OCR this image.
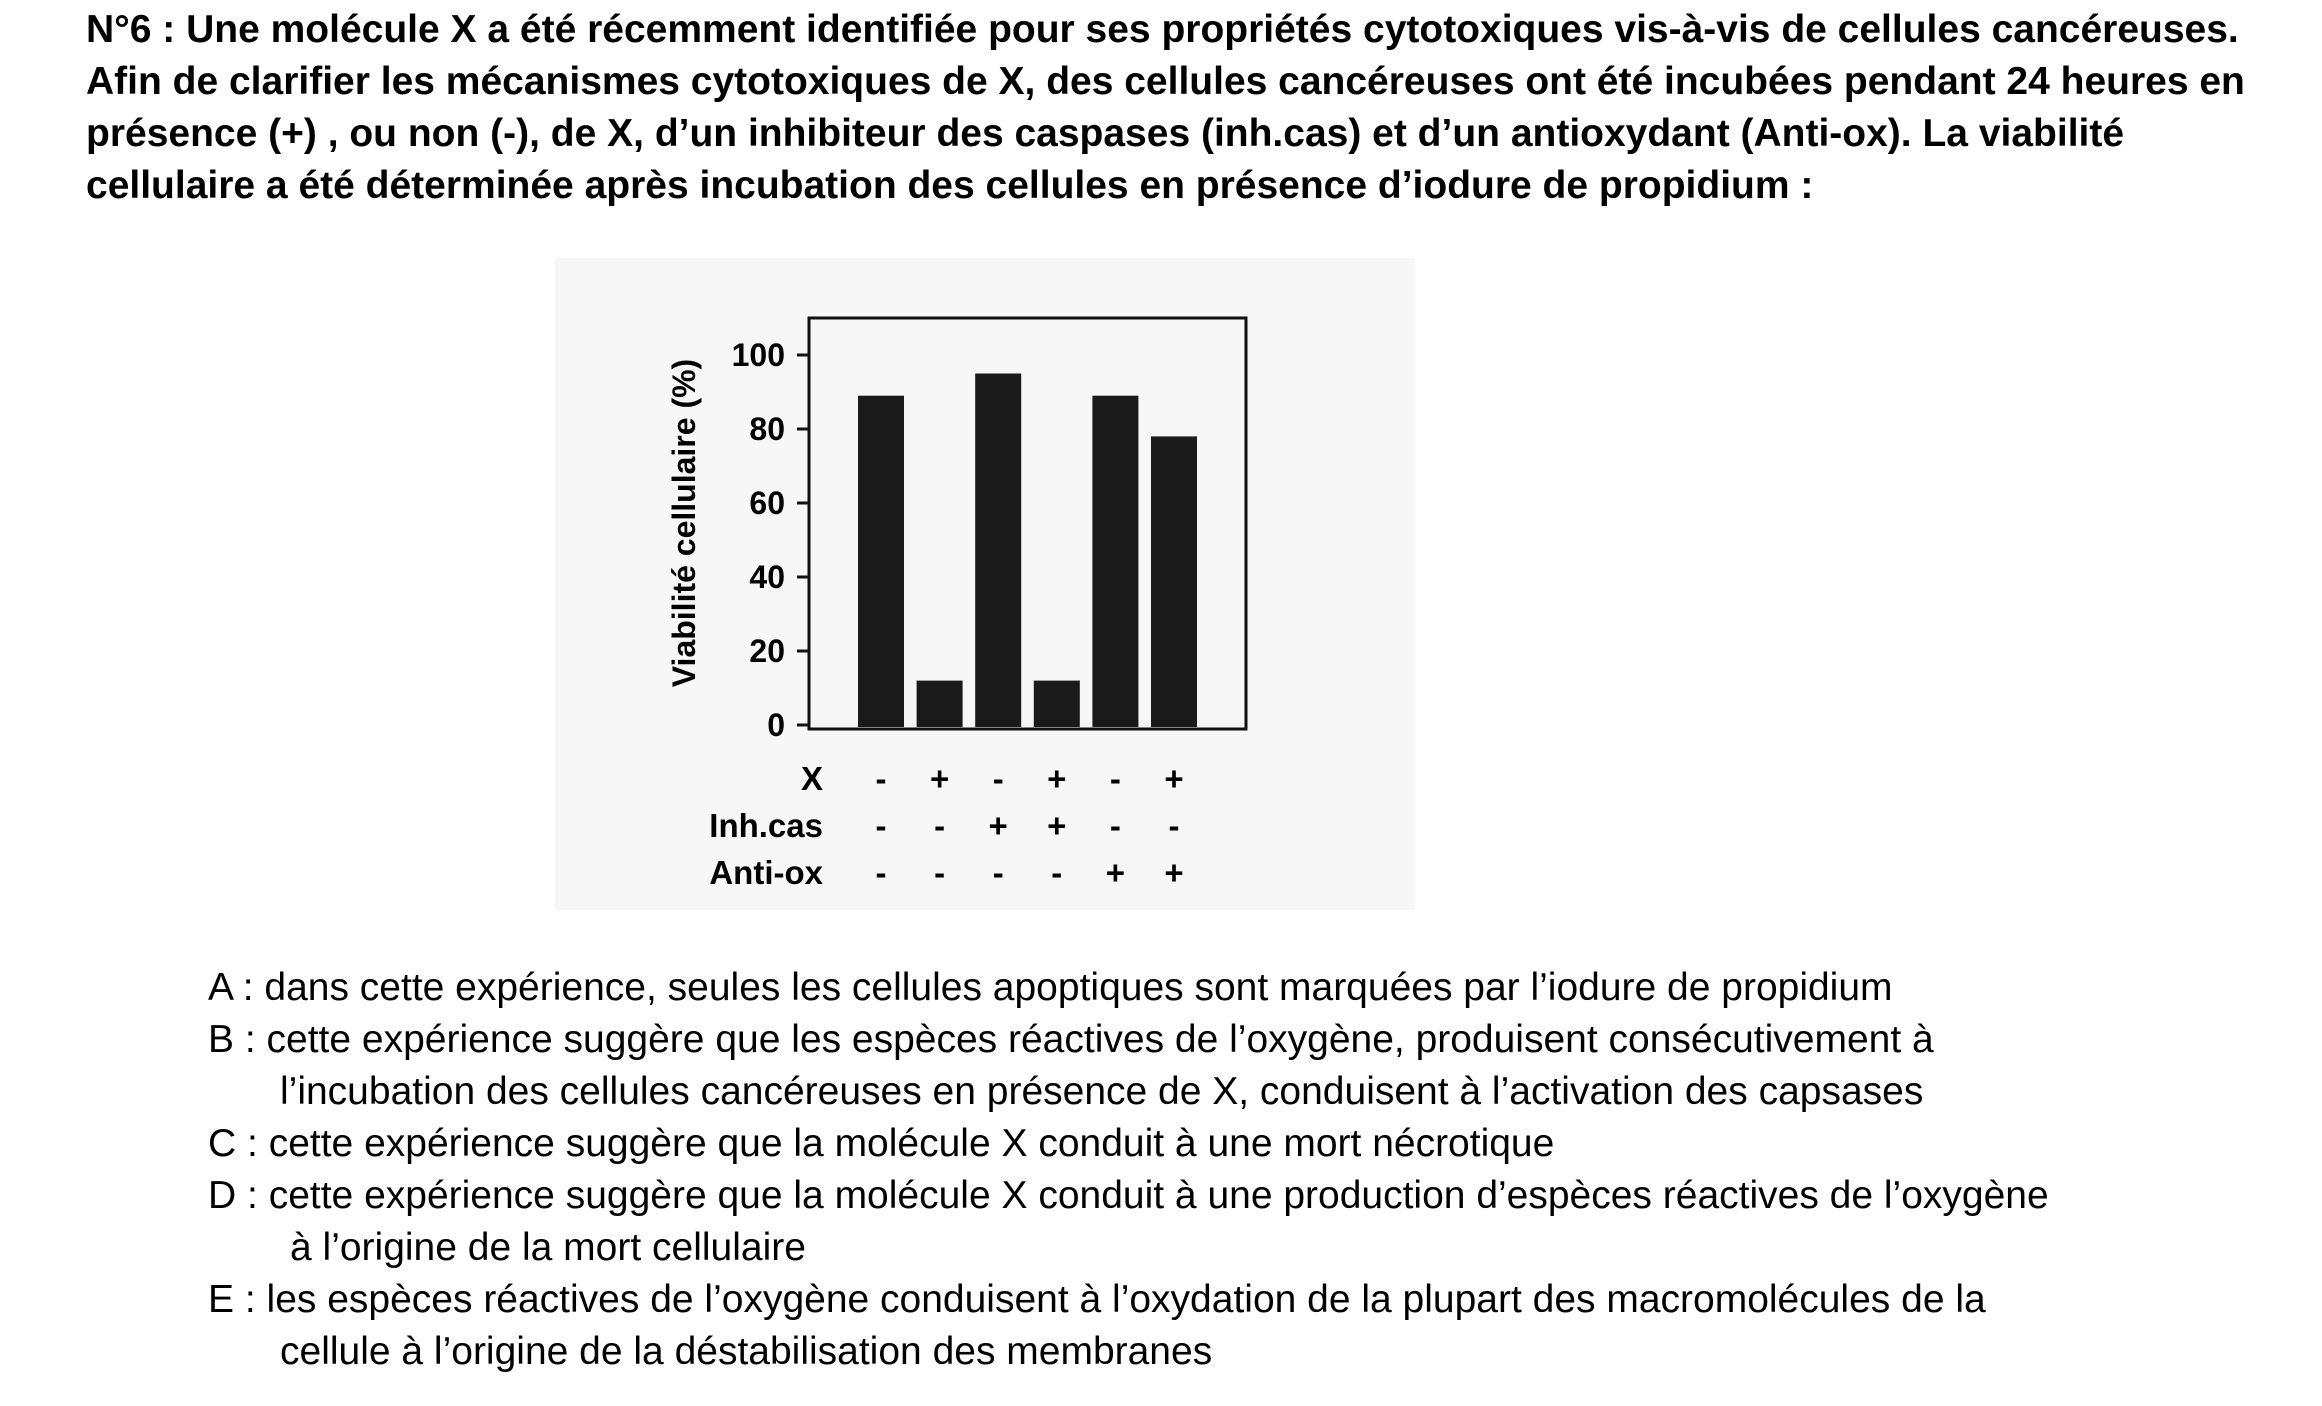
N°6 : Une molécule X a été récemment identifiée pour ses propriétés cytotoxiques vis-à-vis de cellules cancéreuses. Afin de clarifier les mécanismes cytotoxiques de X, des cellules cancéreuses ont été incubées pendant 24 heures en présence (+) , ou non (-), de X, d’un inhibiteur des caspases (inh.cas) et d’un antioxydant (Anti-ox). La viabilité cellulaire a été déterminée après incubation des cellules en présence d’iodure de propidium :

Viabilité cellulaire (%)
0
20
40
60
80
100
X - + - + - +
Inh.cas - - + + - -
Anti-ox - - - - + +
A : dans cette expérience, seules les cellules apoptiques sont marquées par l’iodure de propidium
B : cette expérience suggère que les espèces réactives de l’oxygène, produisent consécutivement à
l’incubation des cellules cancéreuses en présence de X, conduisent à l’activation des capsases
C : cette expérience suggère que la molécule X conduit à une mort nécrotique
D : cette expérience suggère que la molécule X conduit à une production d’espèces réactives de l’oxygène
à l’origine de la mort cellulaire
E : les espèces réactives de l’oxygène conduisent à l’oxydation de la plupart des macromolécules de la
cellule à l’origine de la déstabilisation des membranes
